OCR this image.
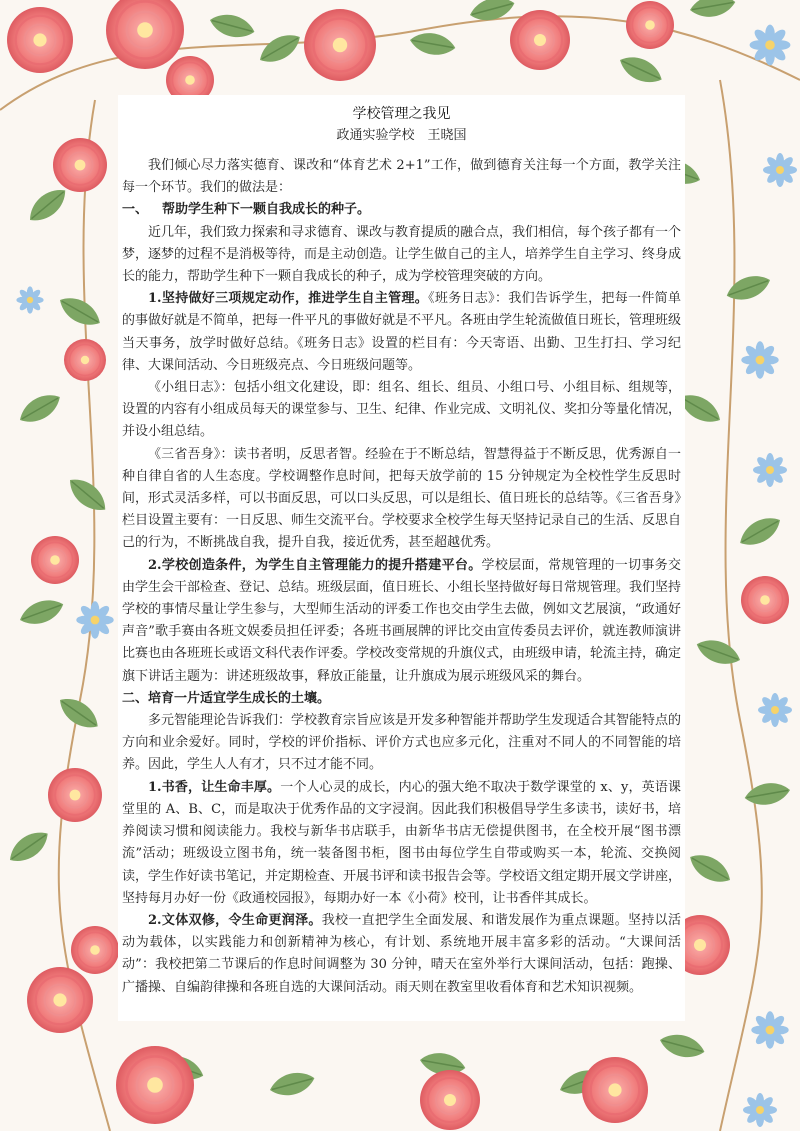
学校管理之我见
政通实验学校　王晓国

我们倾心尽力落实德育、课改和“体育艺术 2+1”工作，做到德育关注每一个方面，教学关注每一个环节。我们的做法是：

一、 帮助学生种下一颗自我成长的种子。

近几年，我们致力探索和寻求德育、课改与教育提质的融合点，我们相信，每个孩子都有一个梦，逐梦的过程不是消极等待，而是主动创造。让学生做自己的主人，培养学生自主学习、终身成长的能力，帮助学生种下一颗自我成长的种子，成为学校管理突破的方向。

1.坚持做好三项规定动作，推进学生自主管理。《班务日志》：我们告诉学生，把每一件简单的事做好就是不简单，把每一件平凡的事做好就是不平凡。各班由学生轮流做值日班长，管理班级当天事务，放学时做好总结。《班务日志》设置的栏目有：今天寄语、出勤、卫生打扫、学习纪律、大课间活动、今日班级亮点、今日班级问题等。

《小组日志》：包括小组文化建设，即：组名、组长、组员、小组口号、小组目标、组规等，设置的内容有小组成员每天的课堂参与、卫生、纪律、作业完成、文明礼仪、奖扣分等量化情况，并设小组总结。

《三省吾身》：读书者明，反思者智。经验在于不断总结，智慧得益于不断反思，优秀源自一种自律自省的人生态度。学校调整作息时间，把每天放学前的 15 分钟规定为全校性学生反思时间，形式灵活多样，可以书面反思，可以口头反思，可以是组长、值日班长的总结等。《三省吾身》栏目设置主要有：一日反思、师生交流平台。学校要求全校学生每天坚持记录自己的生活、反思自己的行为，不断挑战自我，提升自我，接近优秀，甚至超越优秀。

2.学校创造条件，为学生自主管理能力的提升搭建平台。学校层面，常规管理的一切事务交由学生会干部检查、登记、总结。班级层面，值日班长、小组长坚持做好每日常规管理。我们坚持学校的事情尽量让学生参与，大型师生活动的评委工作也交由学生去做，例如文艺展演，“政通好声音”歌手赛由各班文娱委员担任评委；各班书画展牌的评比交由宣传委员去评价，就连教师演讲比赛也由各班班长或语文科代表作评委。学校改变常规的升旗仪式，由班级申请，轮流主持，确定旗下讲话主题为：讲述班级故事，释放正能量，让升旗成为展示班级风采的舞台。

二、培育一片适宜学生成长的土壤。

多元智能理论告诉我们：学校教育宗旨应该是开发多种智能并帮助学生发现适合其智能特点的方向和业余爱好。同时，学校的评价指标、评价方式也应多元化，注重对不同人的不同智能的培养。因此，学生人人有才，只不过才能不同。

1.书香，让生命丰厚。一个人心灵的成长，内心的强大绝不取决于数学课堂的 x、y，英语课堂里的 A、B、C，而是取决于优秀作品的文字浸润。因此我们积极倡导学生多读书，读好书，培养阅读习惯和阅读能力。我校与新华书店联手，由新华书店无偿提供图书，在全校开展“图书漂流”活动；班级设立图书角，统一装备图书柜，图书由每位学生自带或购买一本，轮流、交换阅读，学生作好读书笔记，并定期检查、开展书评和读书报告会等。学校语文组定期开展文学讲座，坚持每月办好一份《政通校园报》，每期办好一本《小荷》校刊，让书香伴其成长。

2.文体双修，令生命更润泽。我校一直把学生全面发展、和谐发展作为重点课题。坚持以活动为载体，以实践能力和创新精神为核心，有计划、系统地开展丰富多彩的活动。“大课间活动”：我校把第二节课后的作息时间调整为 30 分钟，晴天在室外举行大课间活动，包括：跑操、广播操、自编韵律操和各班自选的大课间活动。雨天则在教室里收看体育和艺术知识视频。
